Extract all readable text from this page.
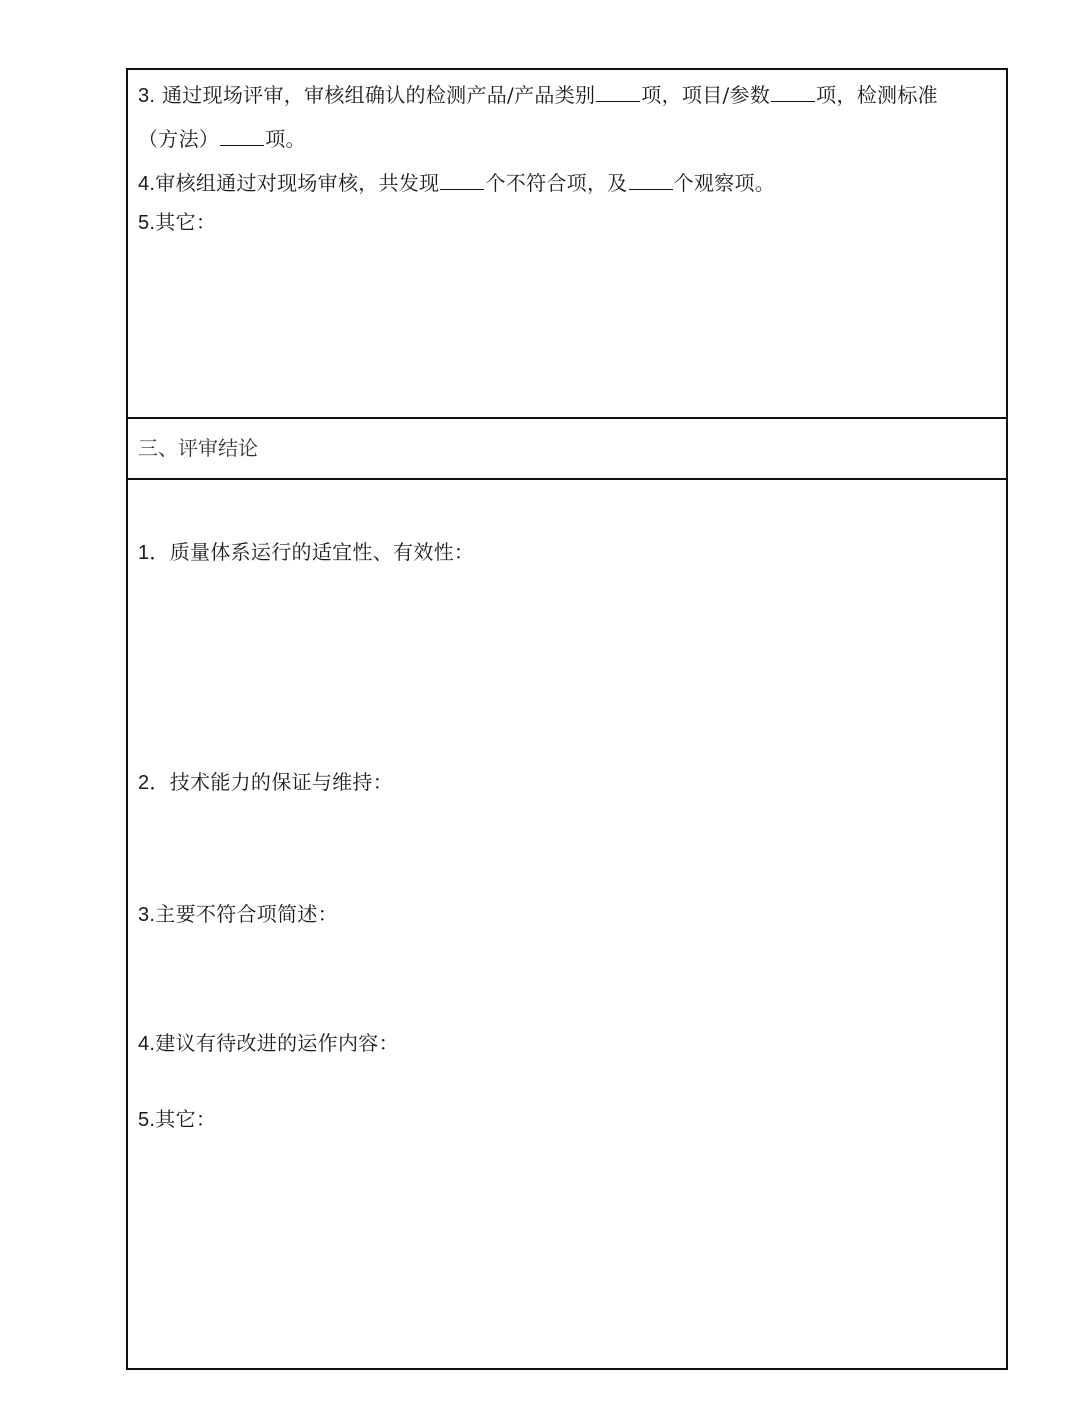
3. 通过现场评审，审核组确认的检测产品/产品类别 项，项目/参数 项，检测标准
（方法） 项。
4.审核组通过对现场审核，共发现 个不符合项，及 个观察项。
5.其它：
三、评审结论
1．质量体系运行的适宜性、有效性：
2．技术能力的保证与维持：
3.主要不符合项简述：
4.建议有待改进的运作内容：
5.其它：
